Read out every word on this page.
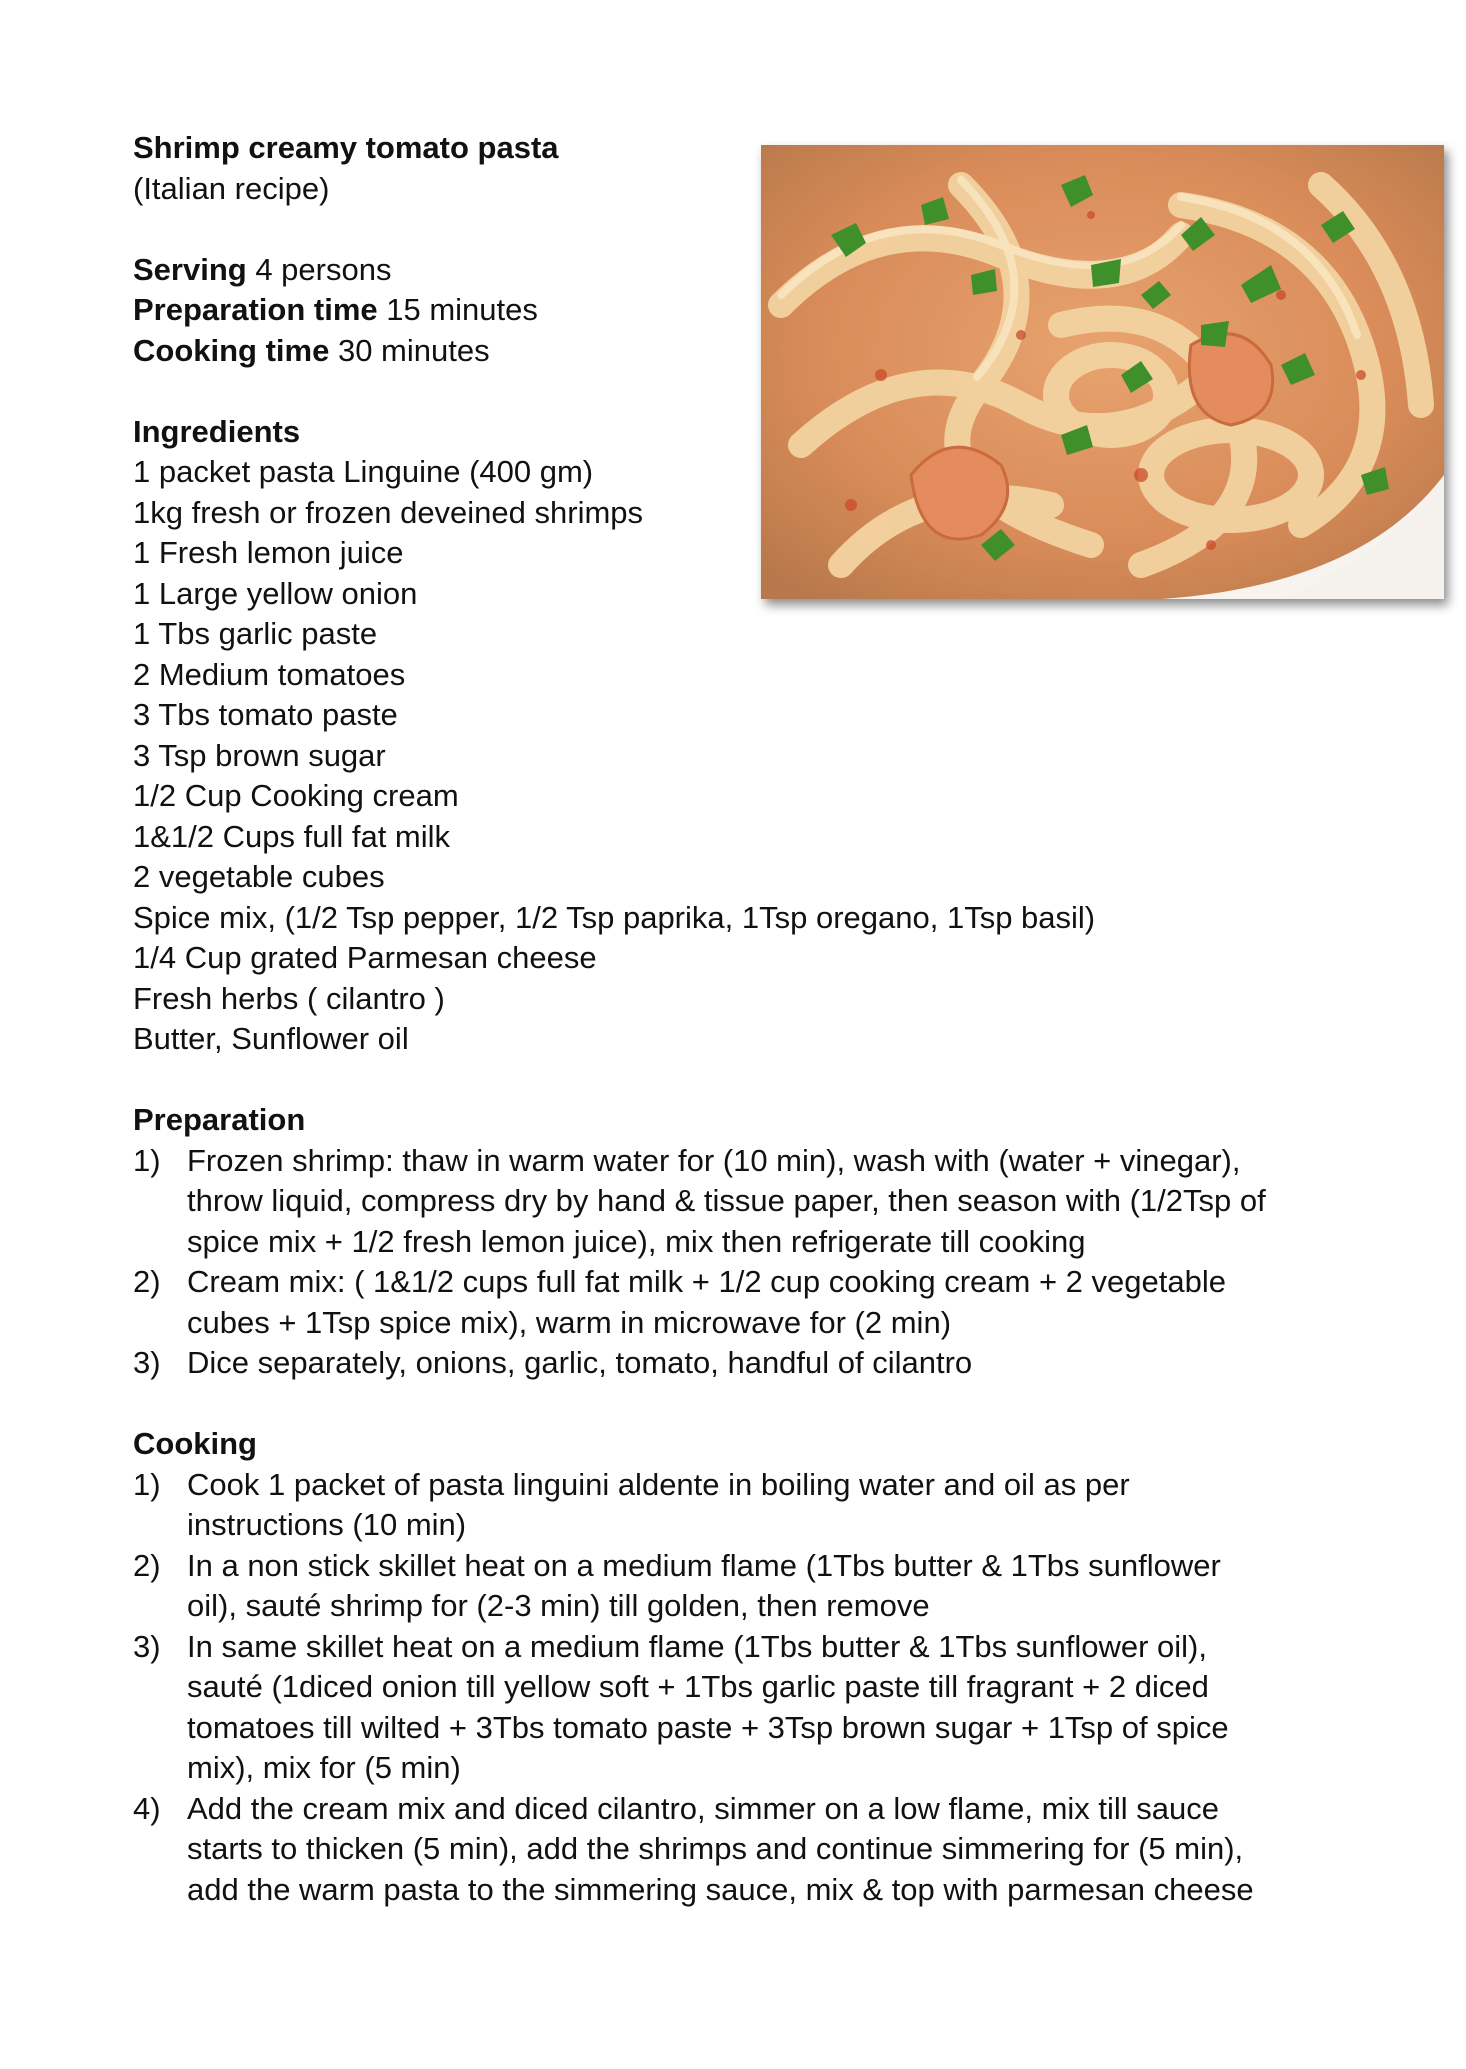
Shrimp creamy tomato pasta
(Italian recipe)
Serving 4 persons
Preparation time 15 minutes
Cooking time 30 minutes
Ingredients
1 packet pasta Linguine (400 gm)
1kg fresh or frozen deveined shrimps
1 Fresh lemon juice
1 Large yellow onion
1 Tbs garlic paste
2 Medium tomatoes
3 Tbs tomato paste
3 Tsp brown sugar
1/2 Cup Cooking cream
1&1/2 Cups full fat milk
2 vegetable cubes
Spice mix, (1/2 Tsp pepper, 1/2 Tsp paprika, 1Tsp oregano, 1Tsp basil)
1/4 Cup grated Parmesan cheese
Fresh herbs ( cilantro )
Butter, Sunflower oil
Preparation
1) Frozen shrimp: thaw in warm water for (10 min), wash with (water + vinegar),
throw liquid, compress dry by hand & tissue paper, then season with (1/2Tsp of
spice mix + 1/2 fresh lemon juice), mix then refrigerate till cooking
2) Cream mix: ( 1&1/2 cups full fat milk + 1/2 cup cooking cream + 2 vegetable
cubes + 1Tsp spice mix), warm in microwave for (2 min)
3) Dice separately, onions, garlic, tomato, handful of cilantro
Cooking
1) Cook 1 packet of pasta linguini aldente in boiling water and oil as per
instructions (10 min)
2) In a non stick skillet heat on a medium flame (1Tbs butter & 1Tbs sunflower
oil), sauté shrimp for (2-3 min) till golden, then remove
3) In same skillet heat on a medium flame (1Tbs butter & 1Tbs sunflower oil),
sauté (1diced onion till yellow soft + 1Tbs garlic paste till fragrant + 2 diced
tomatoes till wilted + 3Tbs tomato paste + 3Tsp brown sugar + 1Tsp of spice
mix), mix for (5 min)
4) Add the cream mix and diced cilantro, simmer on a low flame, mix till sauce
starts to thicken (5 min), add the shrimps and continue simmering for (5 min),
add the warm pasta to the simmering sauce, mix & top with parmesan cheese
